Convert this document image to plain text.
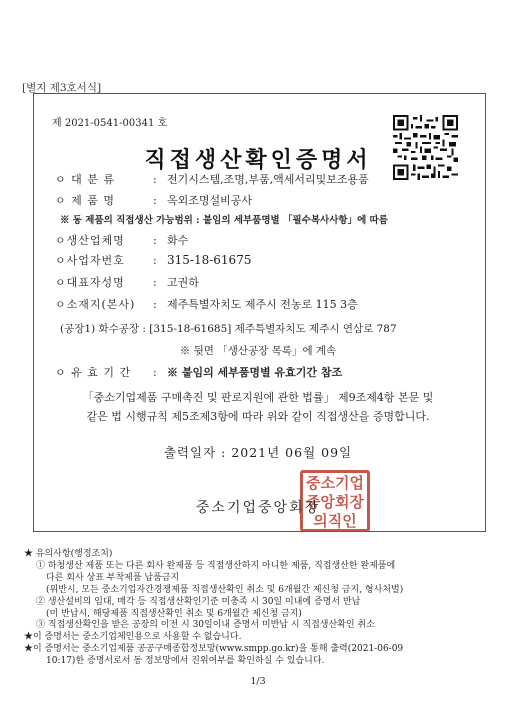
[별지 제3호서식]
제 2021-0541-00341 호
직접생산확인증명서
ㅇ 대 분 류	: 전기시스템,조명,부품,액세서리및보조용품
ㅇ 제 품 명	: 옥외조명설비공사
※ 동 제품의 직접생산 가능범위 : 붙임의 세부품명별 「필수복사사항」에 따름
ㅇ생산업체명	: 화수
ㅇ사업자번호	: 315-18-61675
ㅇ대표자성명	: 고권하
ㅇ소재지(본사) : 제주특별자치도 제주시 전농로 115 3층
(공장1) 화수공장 : [315-18-61685] 제주특별자치도 제주시 연삼로 787
※ 뒷면 「생산공장 목록」에 계속
ㅇ 유 효 기 간 : ※ 붙임의 세부품명별 유효기간 참조
「중소기업제품 구매촉진 및 판로지원에 관한 법률」 제9조제4항 본문 및
같은 법 시행규칙 제5조제3항에 따라 위와 같이 직접생산을 증명합니다.
출력일자 : 2021년 06월 09일
중소기업
중앙회장
의직인
중소기업중앙회장
★ 유의사항(행정조치)
① 하청생산 제품 또는 다른 회사 완제품 등 직접생산하지 아니한 제품, 직접생산한 완제품에
다른 회사 상표 부착제품 납품금지
(위반시, 모든 중소기업자간경쟁제품 직접생산확인 취소 및 6개월간 제신청 금지, 형사처벌)
② 생산설비의 임대, 매각 등 직접생산확인기준 미충족 시 30일 이내에 증명서 반납
(미 반납시, 해당제품 직접생산확인 취소 및 6개월간 제신청 금지)
③ 직접생산확인을 받은 공장의 이전 시 30일이내 증명서 미반납 시 직접생산확인 취소
★이 증명서는 중소기업체인용으로 사용할 수 없습니다.
★이 증명서는 중소기업제품 공공구매종합정보망(www.smpp.go.kr)을 통해 출력(2021-06-09
10:17)한 증명서로서 동 정보망에서 진위여부를 확인하실 수 있습니다.
1/3
